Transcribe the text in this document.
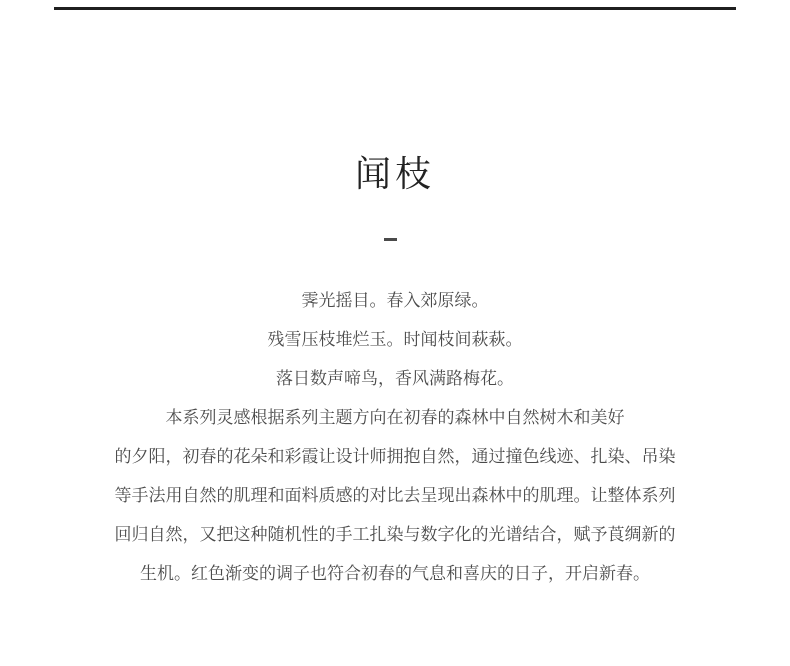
闻枝
霁光摇目。春入郊原绿。
残雪压枝堆烂玉。时闻枝间萩萩。
落日数声啼鸟，香风满路梅花。
本系列灵感根据系列主题方向在初春的森林中自然树木和美好
的夕阳，初春的花朵和彩霞让设计师拥抱自然，通过撞色线迹、扎染、吊染
等手法用自然的肌理和面料质感的对比去呈现出森林中的肌理。让整体系列
回归自然，又把这种随机性的手工扎染与数字化的光谱结合，赋予莨绸新的
生机。红色渐变的调子也符合初春的气息和喜庆的日子，开启新春。
